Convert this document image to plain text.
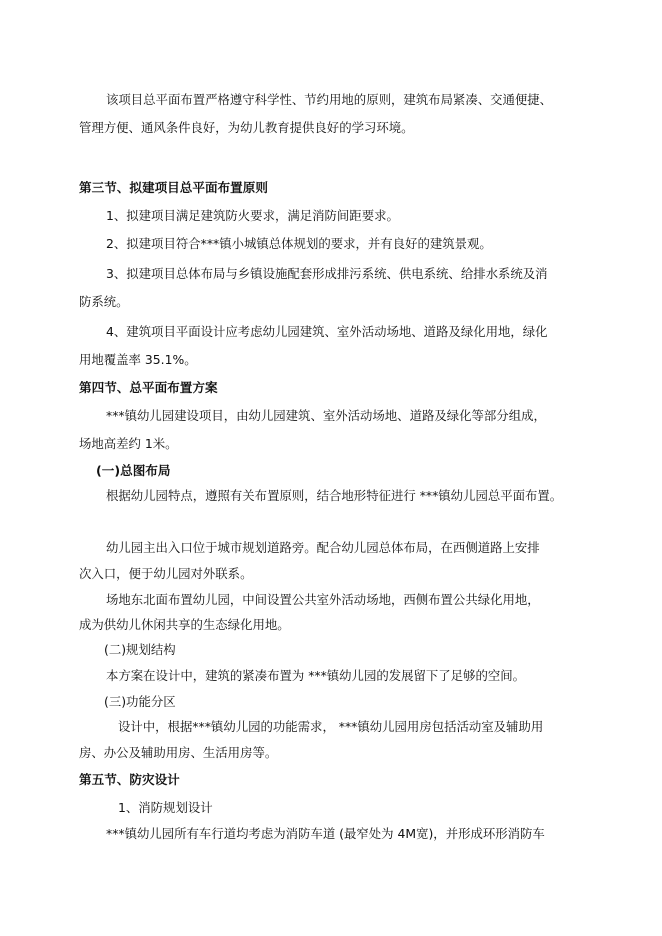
该项目总平面布置严格遵守科学性、节约用地的原则，建筑布局紧凑、交通便捷、
管理方便、通风条件良好，为幼儿教育提供良好的学习环境。
第三节、拟建项目总平面布置原则
1、拟建项目满足建筑防火要求，满足消防间距要求。
2、拟建项目符合***镇小城镇总体规划的要求，并有良好的建筑景观。
3、拟建项目总体布局与乡镇设施配套形成排污系统、供电系统、给排水系统及消
防系统。
4、建筑项目平面设计应考虑幼儿园建筑、室外活动场地、道路及绿化用地，绿化
用地覆盖率 35.1%。
第四节、总平面布置方案
***镇幼儿园建设项目，由幼儿园建筑、室外活动场地、道路及绿化等部分组成，
场地高差约 1米。
(一)总图布局
根据幼儿园特点，遵照有关布置原则，结合地形特征进行 ***镇幼儿园总平面布置。
幼儿园主出入口位于城市规划道路旁。配合幼儿园总体布局，在西侧道路上安排
次入口，便于幼儿园对外联系。
场地东北面布置幼儿园，中间设置公共室外活动场地，西侧布置公共绿化用地，
成为供幼儿休闲共享的生态绿化用地。
(二)规划结构
本方案在设计中，建筑的紧凑布置为 ***镇幼儿园的发展留下了足够的空间。
(三)功能分区
设计中，根据***镇幼儿园的功能需求， ***镇幼儿园用房包括活动室及辅助用
房、办公及辅助用房、生活用房等。
第五节、防灾设计
1、消防规划设计
***镇幼儿园所有车行道均考虑为消防车道 (最窄处为 4M宽)，并形成环形消防车
